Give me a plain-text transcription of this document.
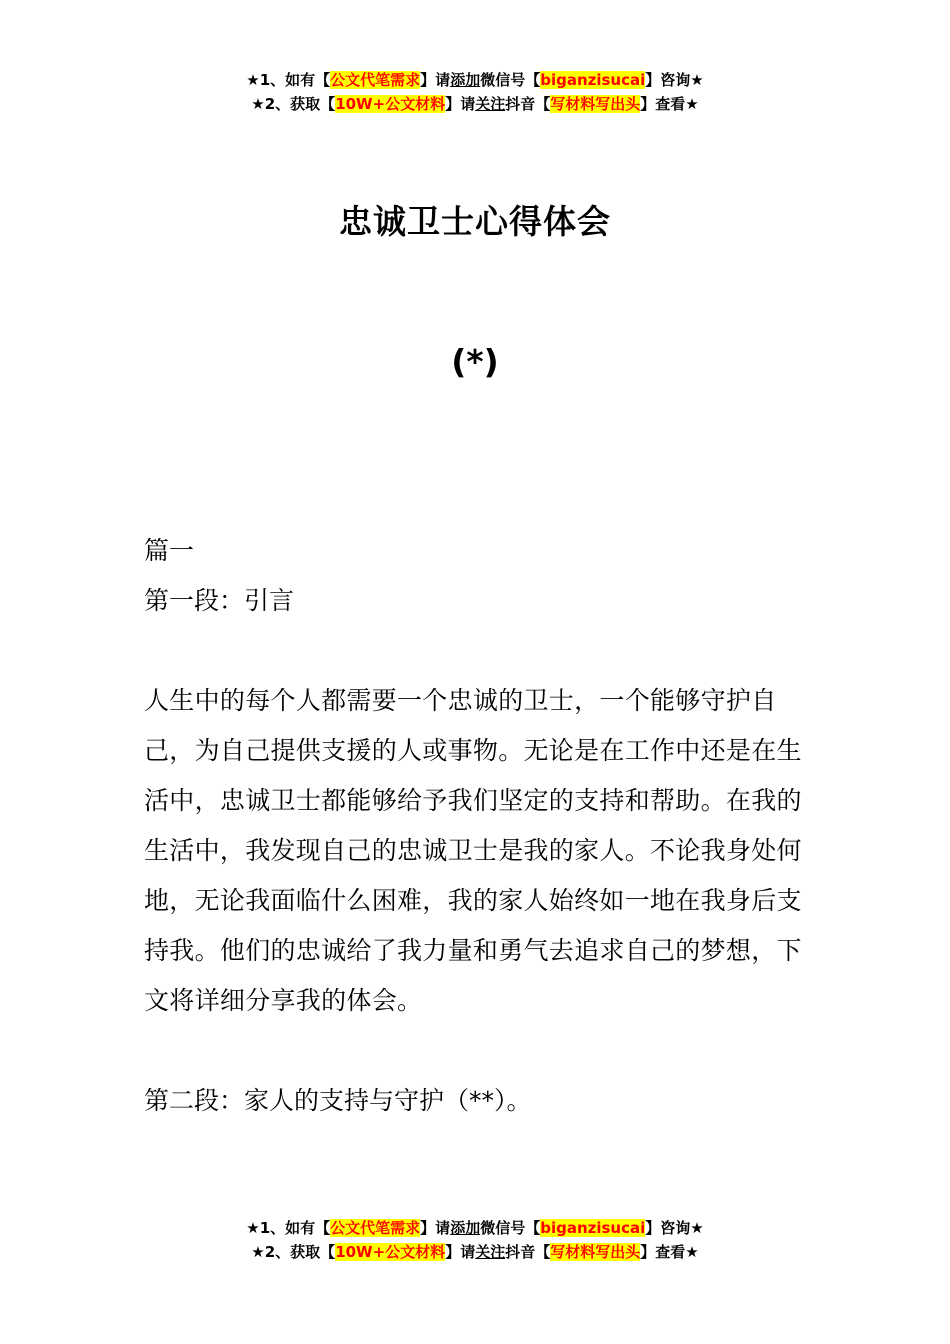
★1、如有【公文代笔需求】请添加微信号【biganzisucai】咨询★
★2、获取【10W+公文材料】请关注抖音【写材料写出头】查看★
忠诚卫士心得体会
(*)
篇一
第一段：引言
人生中的每个人都需要一个忠诚的卫士，一个能够守护自己，为自己提供支援的人或事物。无论是在工作中还是在生活中，忠诚卫士都能够给予我们坚定的支持和帮助。在我的生活中，我发现自己的忠诚卫士是我的家人。不论我身处何地，无论我面临什么困难，我的家人始终如一地在我身后支持我。他们的忠诚给了我力量和勇气去追求自己的梦想，下文将详细分享我的体会。
第二段：家人的支持与守护（**）。
★1、如有【公文代笔需求】请添加微信号【biganzisucai】咨询★
★2、获取【10W+公文材料】请关注抖音【写材料写出头】查看★
